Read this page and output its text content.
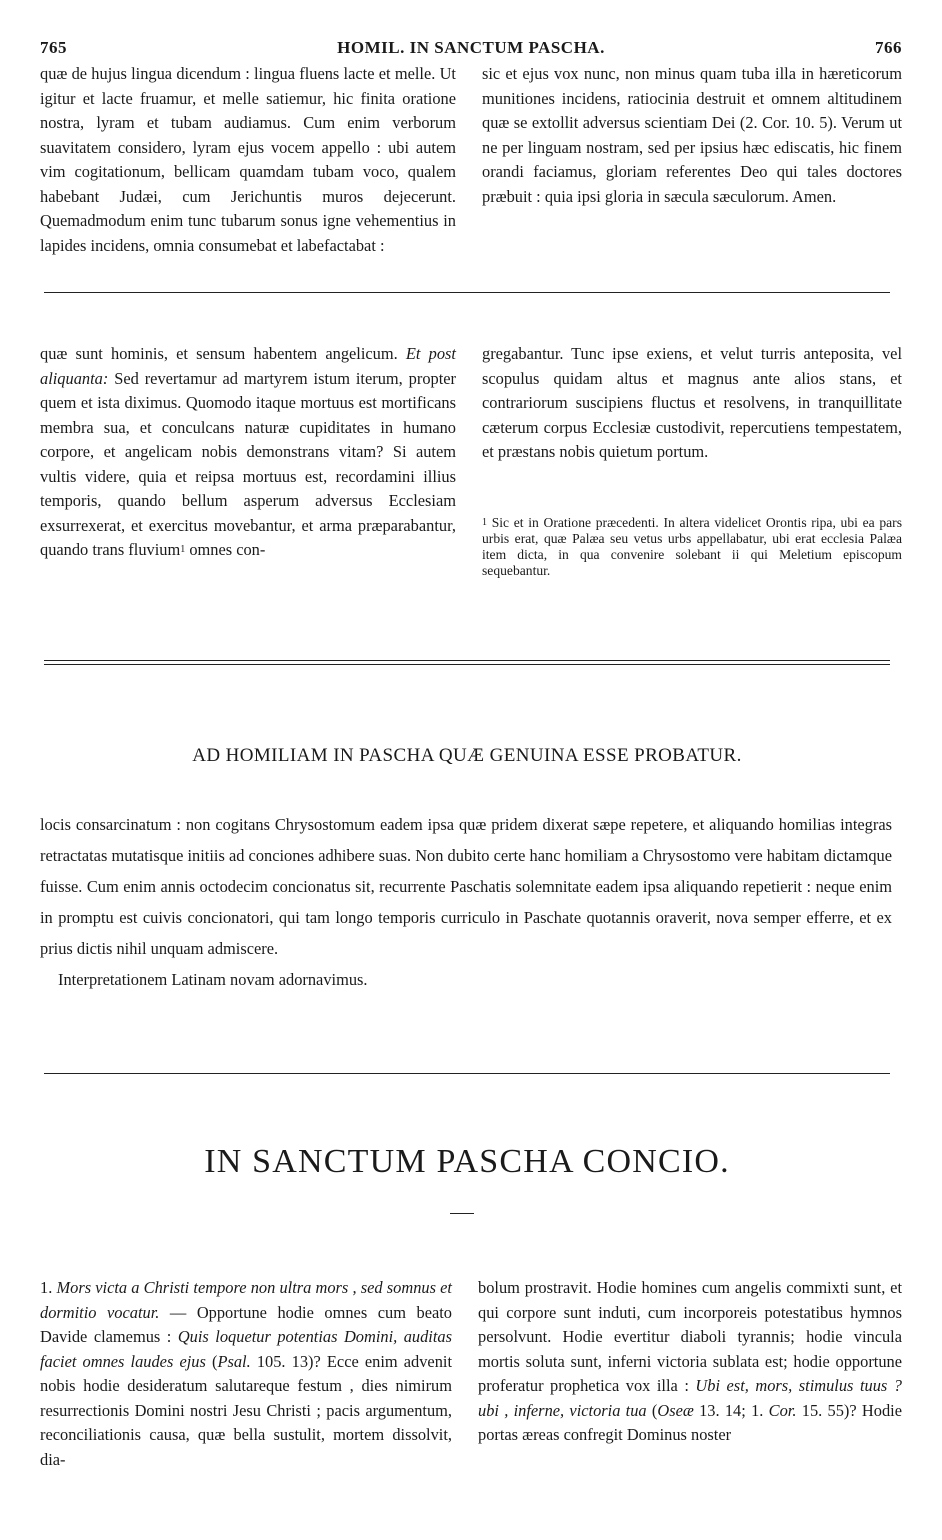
765	HOMIL. IN SANCTUM PASCHA.	766

quæ de hujus lingua dicendum : lingua fluens lacte et melle. Ut igitur et lacte fruamur, et melle satiemur, hic finita oratione nostra, lyram et tubam audiamus. Cum enim verborum suavitatem considero, lyram ejus vocem appello : ubi autem vim cogitationum, bellicam quamdam tubam voco, qualem habebant Judæi, cum Jerichuntis muros dejecerunt. Quemadmodum enim tunc tubarum sonus igne vehementius in lapides incidens, omnia consumebat et labefactabat :

sic et ejus vox nunc, non minus quam tuba illa in hæreticorum munitiones incidens, ratiocinia destruit et omnem altitudinem quæ se extollit adversus scientiam Dei (2. Cor. 10. 5). Verum ut ne per linguam nostram, sed per ipsius hæc ediscatis, hic finem orandi faciamus, gloriam referentes Deo qui tales doctores præbuit : quia ipsi gloria in sæcula sæculorum. Amen.

quæ sunt hominis, et sensum habentem angelicum. Et post aliquanta: Sed revertamur ad martyrem istum iterum, propter quem et ista diximus. Quomodo itaque mortuus est mortificans membra sua, et conculcans naturæ cupiditates in humano corpore, et angelicam nobis demonstrans vitam? Si autem vultis videre, quia et reipsa mortuus est, recordamini illius temporis, quando bellum asperum adversus Ecclesiam exsurrexerat, et exercitus movebantur, et arma præparabantur, quando trans fluvium$^1$ omnes con-

gregabantur. Tunc ipse exiens, et velut turris anteposita, vel scopulus quidam altus et magnus ante alios stans, et contrariorum suscipiens fluctus et resolvens, in tranquillitate cæterum corpus Ecclesiæ custodivit, repercutiens tempestatem, et præstans nobis quietum portum.

$^1$ Sic et in Oratione præcedenti. In altera videlicet Orontis ripa, ubi ea pars urbis erat, quæ Palæa seu vetus urbs appellabatur, ubi erat ecclesia Palæa item dicta, in qua convenire solebant ii qui Meletium episcopum sequebantur.
AD HOMILIAM IN PASCHA QUÆ GENUINA ESSE PROBATUR.

locis consarcinatum : non cogitans Chrysostomum eadem ipsa quæ pridem dixerat sæpe repetere, et aliquando homilias integras retractatas mutatisque initiis ad conciones adhibere suas. Non dubito certe hanc homiliam a Chrysostomo vere habitam dictamque fuisse. Cum enim annis octodecim concionatus sit, recurrente Paschatis solemnitate eadem ipsa aliquando repetierit : neque enim in promptu est cuivis concionatori, qui tam longo temporis curriculo in Paschate quotannis oraverit, nova semper efferre, et ex prius dictis nihil unquam admiscere.

Interpretationem Latinam novam adornavimus.

IN SANCTUM PASCHA CONCIO.

1. Mors victa a Christi tempore non ultra mors , sed somnus et dormitio vocatur. — Opportune hodie omnes cum beato Davide clamemus : Quis loquetur potentias Domini, auditas faciet omnes laudes ejus (Psal. 105. 13)? Ecce enim advenit nobis hodie desideratum salutareque festum , dies nimirum resurrectionis Domini nostri Jesu Christi ; pacis argumentum, reconciliationis causa, quæ bella sustulit, mortem dissolvit, dia-

bolum prostravit. Hodie homines cum angelis commixti sunt, et qui corpore sunt induti, cum incorporeis potestatibus hymnos persolvunt. Hodie evertitur diaboli tyrannis; hodie vincula mortis soluta sunt, inferni victoria sublata est; hodie opportune proferatur prophetica vox illa : Ubi est, mors, stimulus tuus ? ubi , inferne, victoria tua (Oseæ 13. 14; 1. Cor. 15. 55)? Hodie portas æreas confregit Dominus noster
